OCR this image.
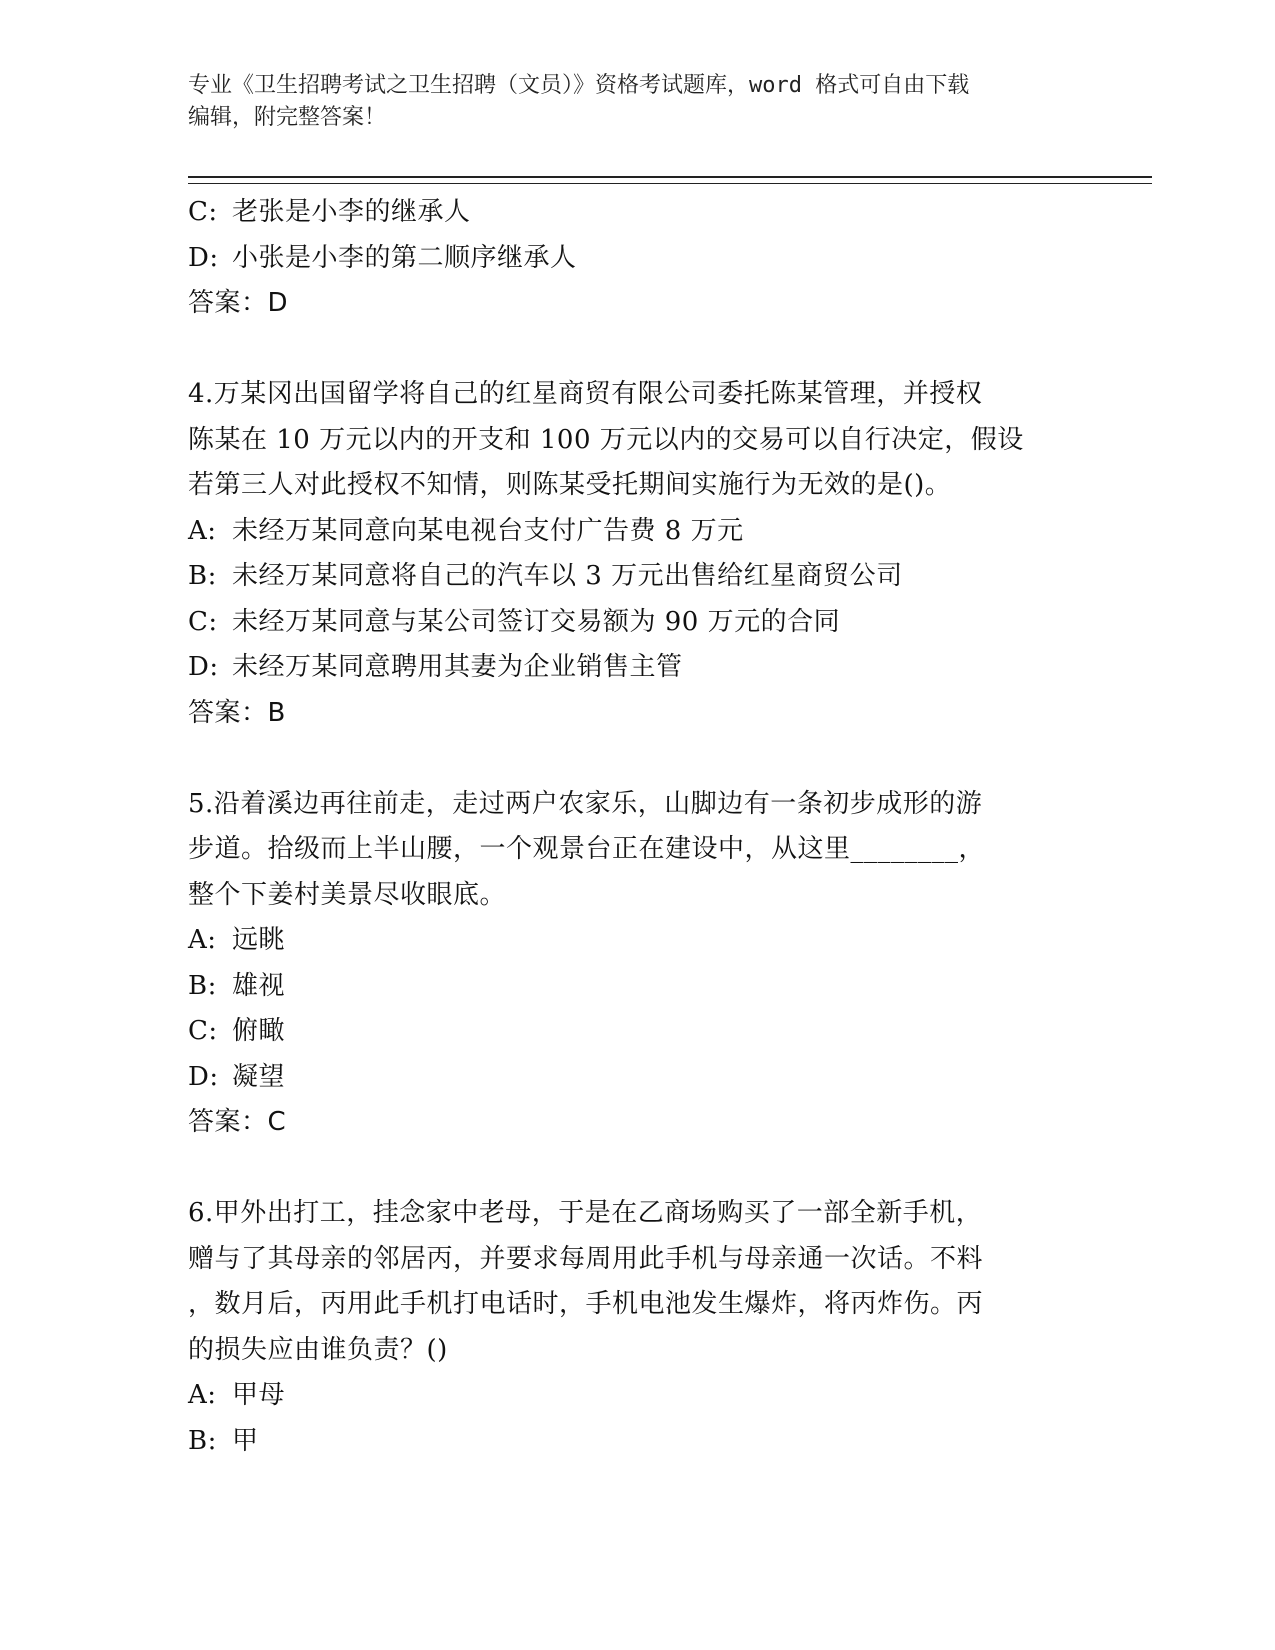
专业《卫生招聘考试之卫生招聘（文员）》资格考试题库，word 格式可自由下载
编辑，附完整答案！

C: 老张是小李的继承人

D: 小张是小李的第二顺序继承人

答案：D

4.万某冈出国留学将自己的红星商贸有限公司委托陈某管理，并授权

陈某在 10 万元以内的开支和 100 万元以内的交易可以自行决定，假设

若第三人对此授权不知情，则陈某受托期间实施行为无效的是()。

A: 未经万某同意向某电视台支付广告费 8 万元

B: 未经万某同意将自己的汽车以 3 万元出售给红星商贸公司

C: 未经万某同意与某公司签订交易额为 90 万元的合同

D: 未经万某同意聘用其妻为企业销售主管

答案：B

5.沿着溪边再往前走，走过两户农家乐，山脚边有一条初步成形的游

步道。拾级而上半山腰，一个观景台正在建设中，从这里________，

整个下姜村美景尽收眼底。

A: 远眺

B: 雄视

C: 俯瞰

D: 凝望

答案：C

6.甲外出打工，挂念家中老母，于是在乙商场购买了一部全新手机，

赠与了其母亲的邻居丙，并要求每周用此手机与母亲通一次话。不料

，数月后，丙用此手机打电话时，手机电池发生爆炸，将丙炸伤。丙

的损失应由谁负责？()

A: 甲母

B: 甲
